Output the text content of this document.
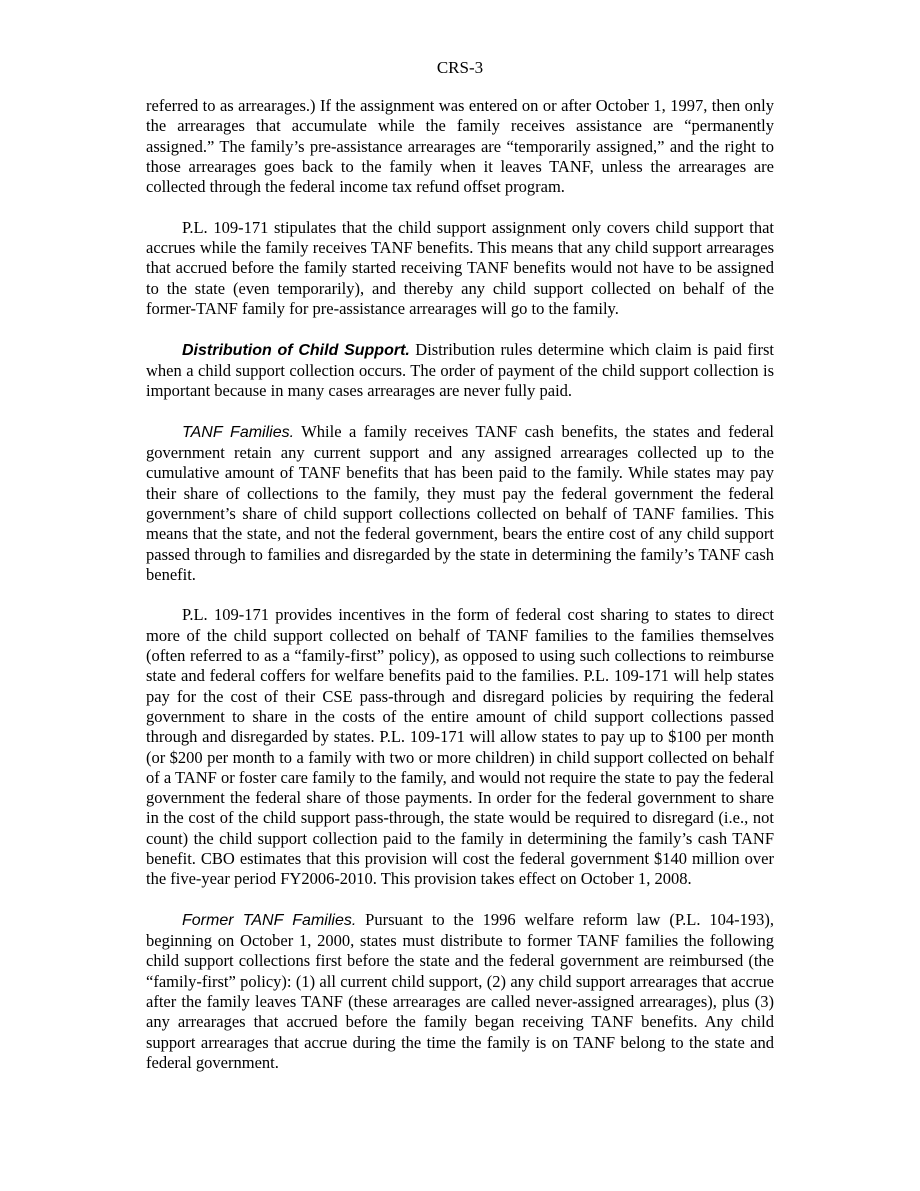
CRS-3

referred to as arrearages.) If the assignment was entered on or after October 1, 1997, then only the arrearages that accumulate while the family receives assistance are “permanently assigned.” The family’s pre-assistance arrearages are “temporarily assigned,” and the right to those arrearages goes back to the family when it leaves TANF, unless the arrearages are collected through the federal income tax refund offset program.

P.L. 109-171 stipulates that the child support assignment only covers child support that accrues while the family receives TANF benefits. This means that any child support arrearages that accrued before the family started receiving TANF benefits would not have to be assigned to the state (even temporarily), and thereby any child support collected on behalf of the former-TANF family for pre-assistance arrearages will go to the family.

Distribution of Child Support. Distribution rules determine which claim is paid first when a child support collection occurs. The order of payment of the child support collection is important because in many cases arrearages are never fully paid.

TANF Families. While a family receives TANF cash benefits, the states and federal government retain any current support and any assigned arrearages collected up to the cumulative amount of TANF benefits that has been paid to the family. While states may pay their share of collections to the family, they must pay the federal government the federal government’s share of child support collections collected on behalf of TANF families. This means that the state, and not the federal government, bears the entire cost of any child support passed through to families and disregarded by the state in determining the family’s TANF cash benefit.

P.L. 109-171 provides incentives in the form of federal cost sharing to states to direct more of the child support collected on behalf of TANF families to the families themselves (often referred to as a “family-first” policy), as opposed to using such collections to reimburse state and federal coffers for welfare benefits paid to the families. P.L. 109-171 will help states pay for the cost of their CSE pass-through and disregard policies by requiring the federal government to share in the costs of the entire amount of child support collections passed through and disregarded by states. P.L. 109-171 will allow states to pay up to $100 per month (or $200 per month to a family with two or more children) in child support collected on behalf of a TANF or foster care family to the family, and would not require the state to pay the federal government the federal share of those payments. In order for the federal government to share in the cost of the child support pass-through, the state would be required to disregard (i.e., not count) the child support collection paid to the family in determining the family’s cash TANF benefit. CBO estimates that this provision will cost the federal government $140 million over the five-year period FY2006-2010. This provision takes effect on October 1, 2008.

Former TANF Families. Pursuant to the 1996 welfare reform law (P.L. 104-193), beginning on October 1, 2000, states must distribute to former TANF families the following child support collections first before the state and the federal government are reimbursed (the “family-first” policy): (1) all current child support, (2) any child support arrearages that accrue after the family leaves TANF (these arrearages are called never-assigned arrearages), plus (3) any arrearages that accrued before the family began receiving TANF benefits. Any child support arrearages that accrue during the time the family is on TANF belong to the state and federal government.
